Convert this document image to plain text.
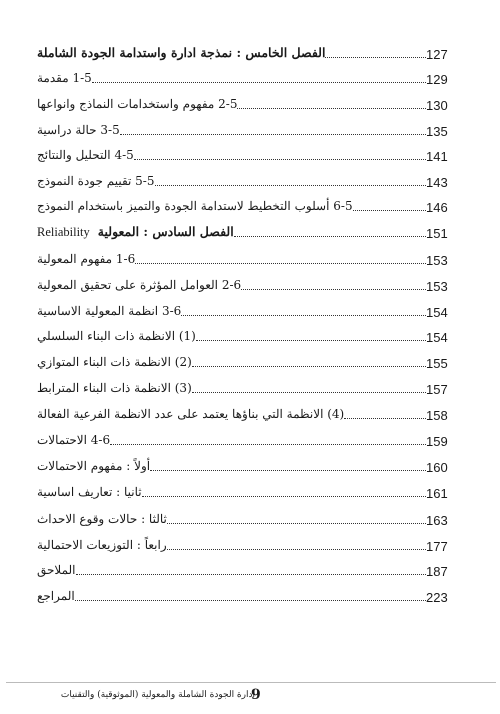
الفصل الخامس : نمذجة ادارة واستدامة الجودة الشاملة	127
1-5 مقدمة	129
2-5 مفهوم واستخدامات النماذج وانواعها	130
3-5 حالة دراسية	135
4-5 التحليل والنتائج	141
5-5 تقييم جودة النموذج	143
6-5 أسلوب التخطيط لاستدامة الجودة والتميز باستخدام النموذج	146
الفصل السادس : المعوليةReliability	151
1-6 مفهوم المعولية	153
2-6 العوامل المؤثرة على تحقيق المعولية	153
3-6 انظمة المعولية الاساسية	154
(1) الانظمة ذات البناء السلسلي	154
(2) الانظمة ذات البناء المتوازي	155
(3) الانظمة ذات البناء المترابط	157
(4) الانظمة التي بناؤها يعتمد على عدد الانظمة الفرعية الفعالة	158
4-6 الاحتمالات	159
أولاً : مفهوم الاحتمالات	160
ثانيا : تعاريف اساسية	161
ثالثا : حالات وقوع الاحداث	163
رابعاً : التوزيعات الاحتمالية	177
الملاحق	187
المراجع	223
9
ادارة الجودة الشاملة والمعولية (الموثوقية) والتقنيات
